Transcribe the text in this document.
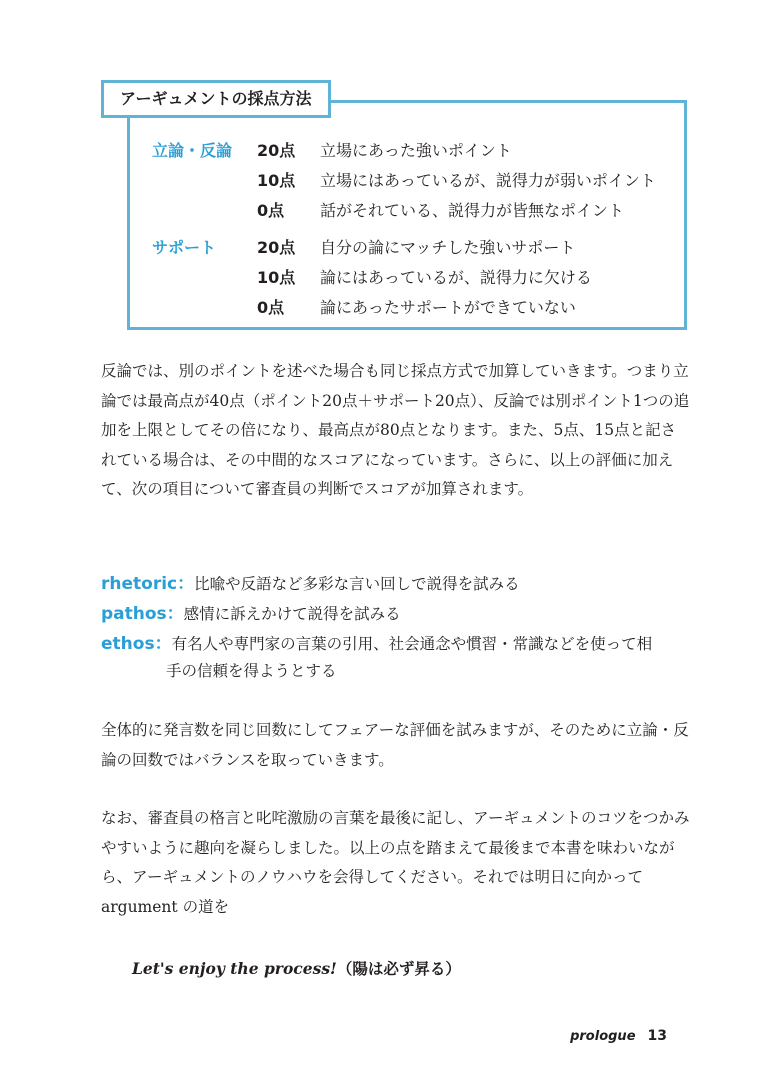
アーギュメントの採点方法
立論・反論 20点 立場にあった強いポイント
10点 立場にはあっているが、説得力が弱いポイント
0点 話がそれている、説得力が皆無なポイント
サポート	20点 自分の論にマッチした強いサポート
10点 論にはあっているが、説得力に欠ける
0点 論にあったサポートができていない

反論では、別のポイントを述べた場合も同じ採点方式で加算していきます。つまり立論では最高点が40点（ポイント20点＋サポート20点）、反論では別ポイント1つの追加を上限としてその倍になり、最高点が80点となります。また、5点、15点と記されている場合は、その中間的なスコアになっています。さらに、以上の評価に加えて、次の項目について審査員の判断でスコアが加算されます。

rhetoric：比喩や反語など多彩な言い回しで説得を試みる
pathos：感情に訴えかけて説得を試みる
ethos：有名人や専門家の言葉の引用、社会通念や慣習・常識などを使って相
手の信頼を得ようとする

全体的に発言数を同じ回数にしてフェアーな評価を試みますが、そのために立論・反論の回数ではバランスを取っていきます。

なお、審査員の格言と叱咤激励の言葉を最後に記し、アーギュメントのコツをつかみやすいように趣向を凝らしました。以上の点を踏まえて最後まで本書を味わいながら、アーギュメントのノウハウを会得してください。それでは明日に向かって argument の道を

Let's enjoy the process!（陽は必ず昇る）
prologue 13
